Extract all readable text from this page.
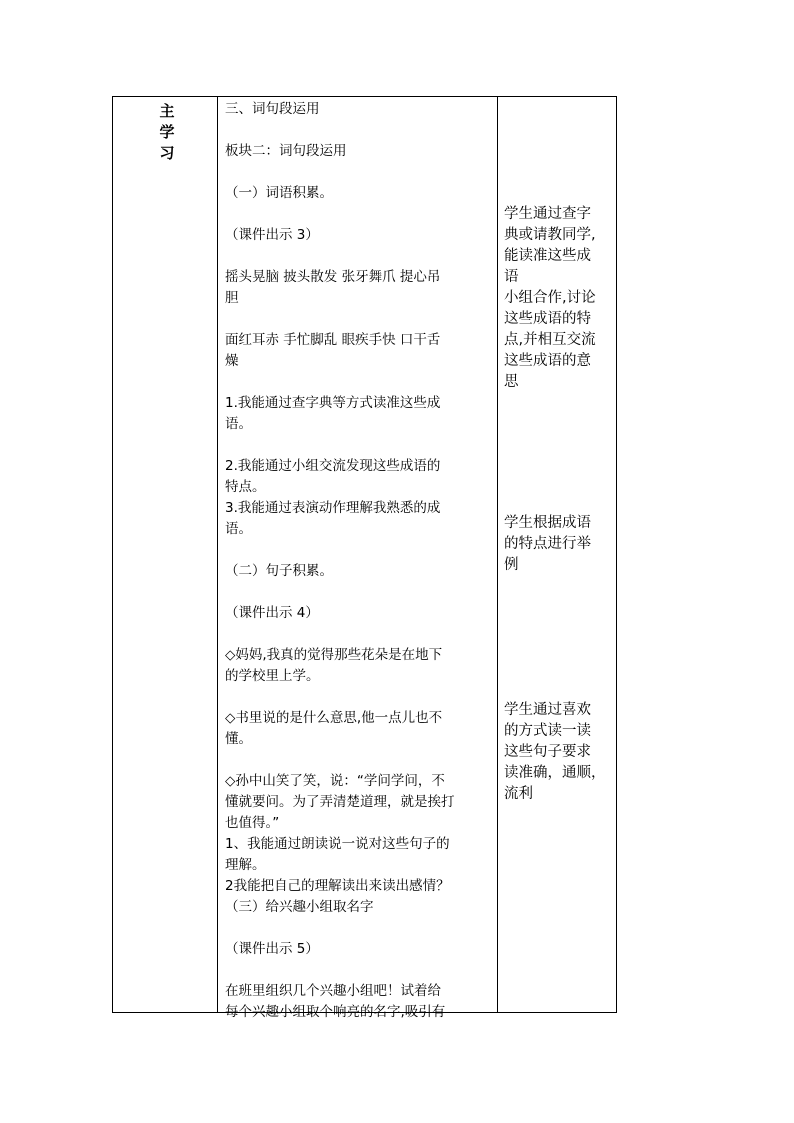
主
学
习
三、词句段运用
板块二：词句段运用
（一）词语积累。
（课件出示 3）
摇头晃脑 披头散发 张牙舞爪 提心吊
胆
面红耳赤 手忙脚乱 眼疾手快 口干舌
燥
1.我能通过查字典等方式读准这些成
语。
2.我能通过小组交流发现这些成语的
特点。
3.我能通过表演动作理解我熟悉的成
语。
（二）句子积累。
（课件出示 4）
◇妈妈,我真的觉得那些花朵是在地下
的学校里上学。
◇书里说的是什么意思,他一点儿也不
懂。
◇孙中山笑了笑，说：“学问学问，不
懂就要问。为了弄清楚道理，就是挨打
也值得。”
1、我能通过朗读说一说对这些句子的
理解。
2我能把自己的理解读出来读出感情？
（三）给兴趣小组取名字
（课件出示 5）
在班里组织几个兴趣小组吧！试着给
每个兴趣小组取个响亮的名字,吸引有
学生通过查字
典或请教同学,
能读准这些成
语
小组合作,讨论
这些成语的特
点,并相互交流
这些成语的意
思
学生根据成语
的特点进行举
例
学生通过喜欢
的方式读一读
这些句子要求
读准确，通顺，
流利
